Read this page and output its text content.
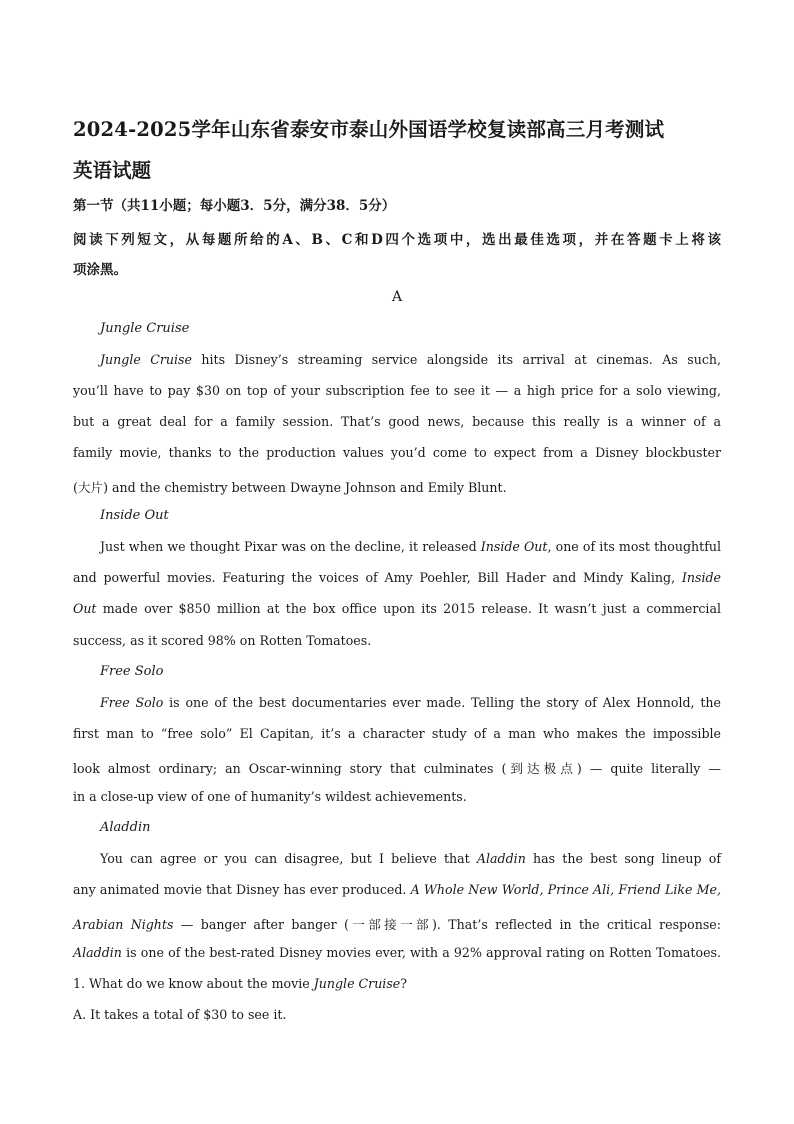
2024-2025学年山东省泰安市泰山外国语学校复读部高三月考测试
英语试题
第一节（共11小题；每小题3．5分，满分38．5分）
阅读下列短文，从每题所给的A、B、C和D四个选项中，选出最佳选项，并在答题卡上将该
项涂黑。
A
Jungle Cruise
Jungle Cruise hits Disney’s streaming service alongside its arrival at cinemas. As such,
you’ll have to pay $30 on top of your subscription fee to see it — a high price for a solo viewing,
but a great deal for a family session. That’s good news, because this really is a winner of a
family movie, thanks to the production values you’d come to expect from a Disney blockbuster
(大片) and the chemistry between Dwayne Johnson and Emily Blunt.
Inside Out
Just when we thought Pixar was on the decline, it released Inside Out, one of its most thoughtful
and powerful movies. Featuring the voices of Amy Poehler, Bill Hader and Mindy Kaling, Inside
Out made over $850 million at the box office upon its 2015 release. It wasn’t just a commercial
success, as it scored 98% on Rotten Tomatoes.
Free Solo
Free Solo is one of the best documentaries ever made. Telling the story of Alex Honnold, the
first man to “free solo” El Capitan, it’s a character study of a man who makes the impossible
look almost ordinary; an Oscar-winning story that culminates (到达极点) — quite literally —
in a close-up view of one of humanity’s wildest achievements.
Aladdin
You can agree or you can disagree, but I believe that Aladdin has the best song lineup of
any animated movie that Disney has ever produced. A Whole New World, Prince Ali, Friend Like Me,
Arabian Nights — banger after banger (一部接一部). That’s reflected in the critical response:
Aladdin is one of the best-rated Disney movies ever, with a 92% approval rating on Rotten Tomatoes.
1. What do we know about the movie Jungle Cruise?
A. It takes a total of $30 to see it.
